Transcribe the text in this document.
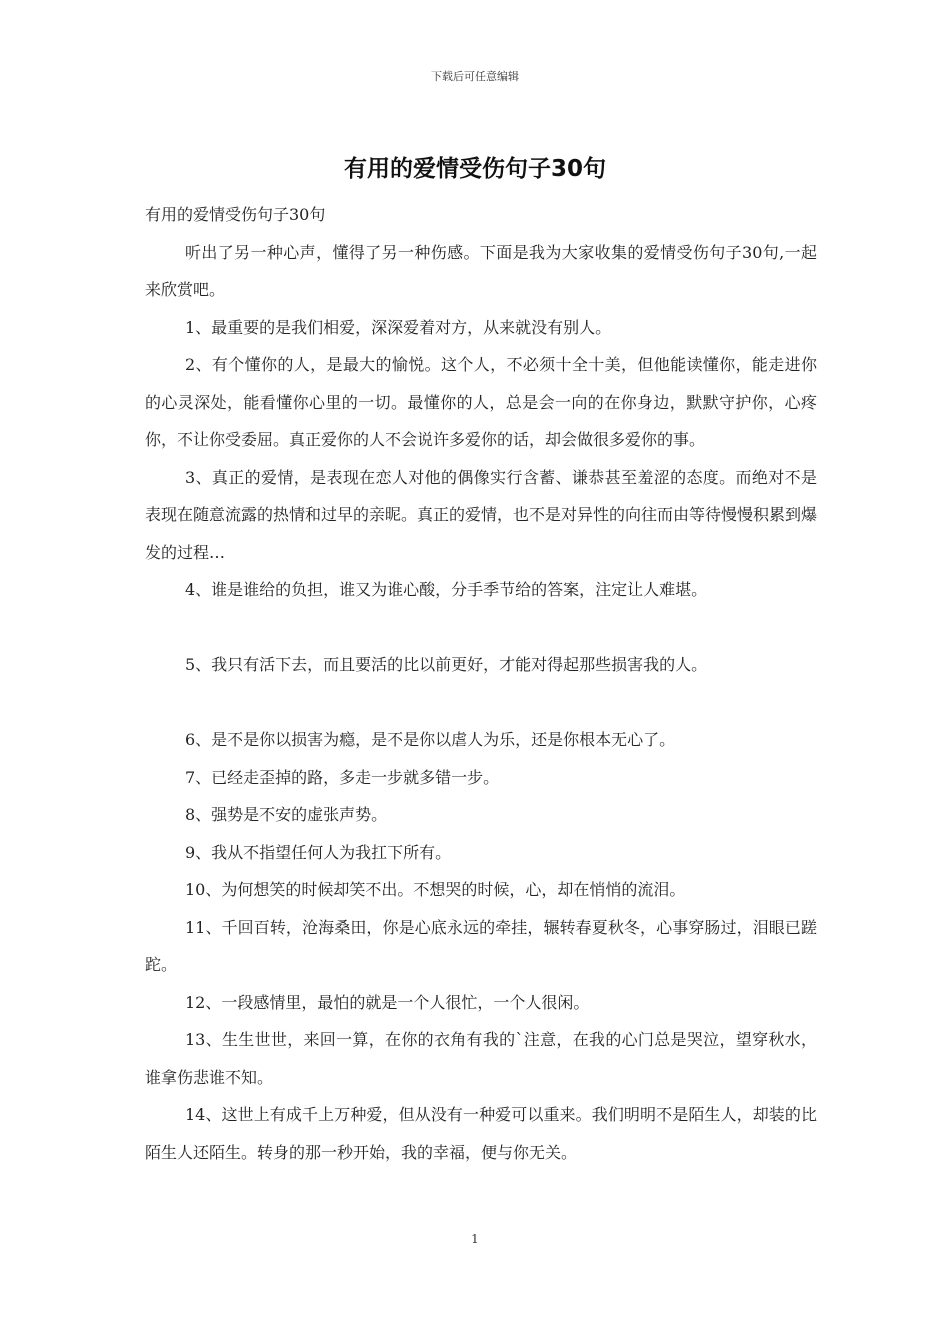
下载后可任意编辑
有用的爱情受伤句子30句

有用的爱情受伤句子30句

听出了另一种心声，懂得了另一种伤感。下面是我为大家收集的爱情受伤句子30句,一起来欣赏吧。

1、最重要的是我们相爱，深深爱着对方，从来就没有别人。

2、有个懂你的人，是最大的愉悦。这个人，不必须十全十美，但他能读懂你，能走进你的心灵深处，能看懂你心里的一切。最懂你的人，总是会一向的在你身边，默默守护你，心疼你，不让你受委屈。真正爱你的人不会说许多爱你的话，却会做很多爱你的事。

3、真正的爱情，是表现在恋人对他的偶像实行含蓄、谦恭甚至羞涩的态度。而绝对不是表现在随意流露的热情和过早的亲昵。真正的爱情，也不是对异性的向往而由等待慢慢积累到爆发的过程…

4、谁是谁给的负担，谁又为谁心酸，分手季节给的答案，注定让人难堪。

5、我只有活下去，而且要活的比以前更好，才能对得起那些损害我的人。

6、是不是你以损害为瘾，是不是你以虐人为乐，还是你根本无心了。

7、已经走歪掉的路，多走一步就多错一步。

8、强势是不安的虚张声势。

9、我从不指望任何人为我扛下所有。

10、为何想笑的时候却笑不出。不想哭的时候，心，却在悄悄的流泪。

11、千回百转，沧海桑田，你是心底永远的牵挂，辗转春夏秋冬，心事穿肠过，泪眼已蹉跎。

12、一段感情里，最怕的就是一个人很忙，一个人很闲。

13、生生世世，来回一算，在你的衣角有我的`注意，在我的心门总是哭泣，望穿秋水，谁拿伤悲谁不知。

14、这世上有成千上万种爱，但从没有一种爱可以重来。我们明明不是陌生人，却装的比陌生人还陌生。转身的那一秒开始，我的幸福，便与你无关。

1
